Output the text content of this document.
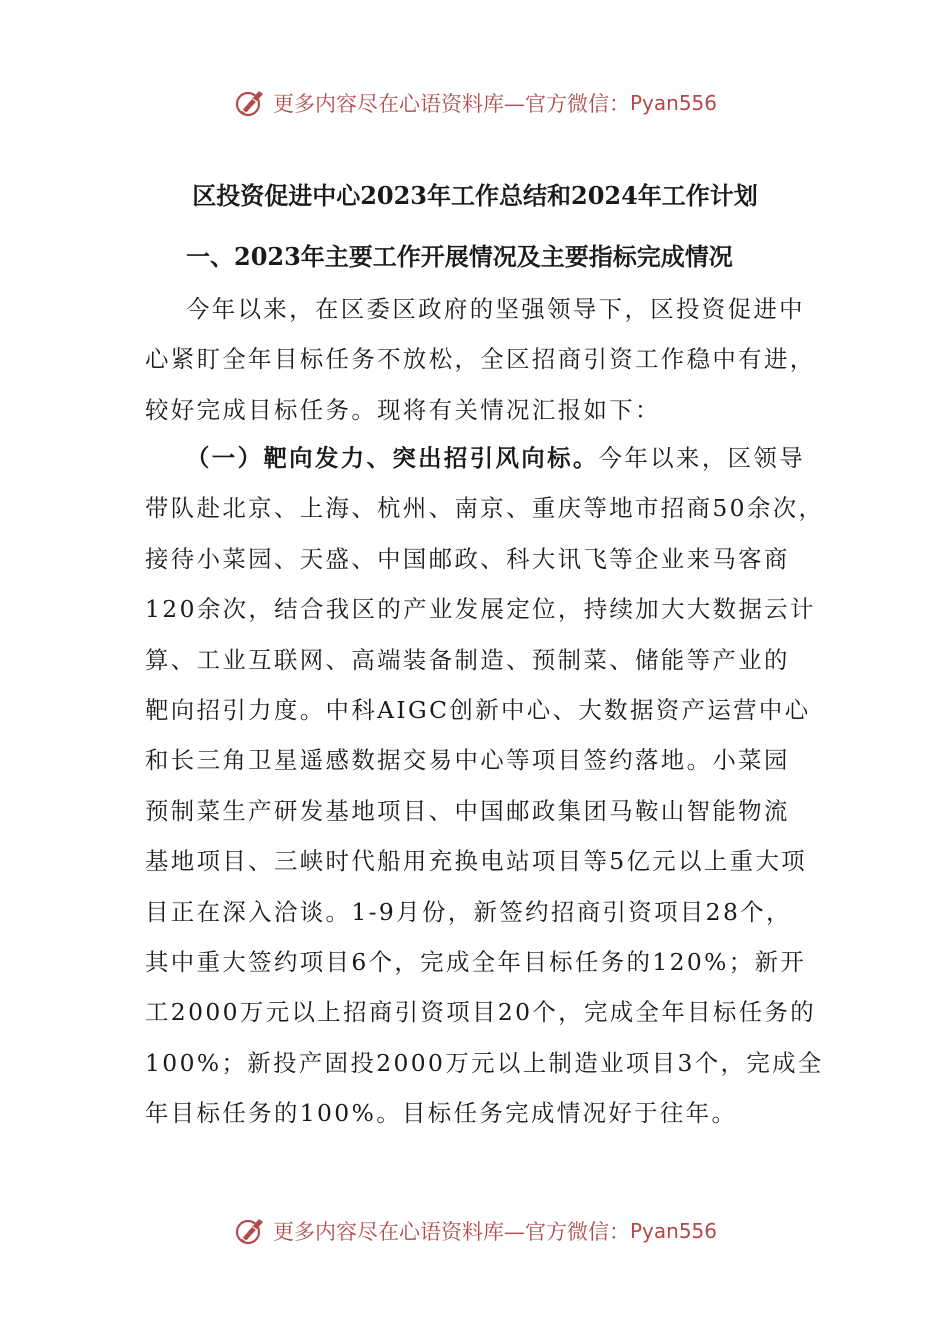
更多内容尽在心语资料库—官方微信： Pyan556
区投资促进中心2023年工作总结和2024年工作计划
一、2023年主要工作开展情况及主要指标完成情况

今年以来，在区委区政府的坚强领导下，区投资促进中
心紧盯全年目标任务不放松，全区招商引资工作稳中有进，
较好完成目标任务。现将有关情况汇报如下：

（一）靶向发力、突出招引风向标。今年以来，区领导
带队赴北京、上海、杭州、南京、重庆等地市招商50余次，
接待小菜园、天盛、中国邮政、科大讯飞等企业来马客商
120余次，结合我区的产业发展定位，持续加大大数据云计
算、工业互联网、高端装备制造、预制菜、储能等产业的
靶向招引力度。中科AIGC创新中心、大数据资产运营中心
和长三角卫星遥感数据交易中心等项目签约落地。小菜园
预制菜生产研发基地项目、中国邮政集团马鞍山智能物流
基地项目、三峡时代船用充换电站项目等5亿元以上重大项
目正在深入洽谈。1-9月份，新签约招商引资项目28个，
其中重大签约项目6个，完成全年目标任务的120%；新开
工2000万元以上招商引资项目20个，完成全年目标任务的
100%；新投产固投2000万元以上制造业项目3个，完成全
年目标任务的100%。目标任务完成情况好于往年。

更多内容尽在心语资料库—官方微信： Pyan556
